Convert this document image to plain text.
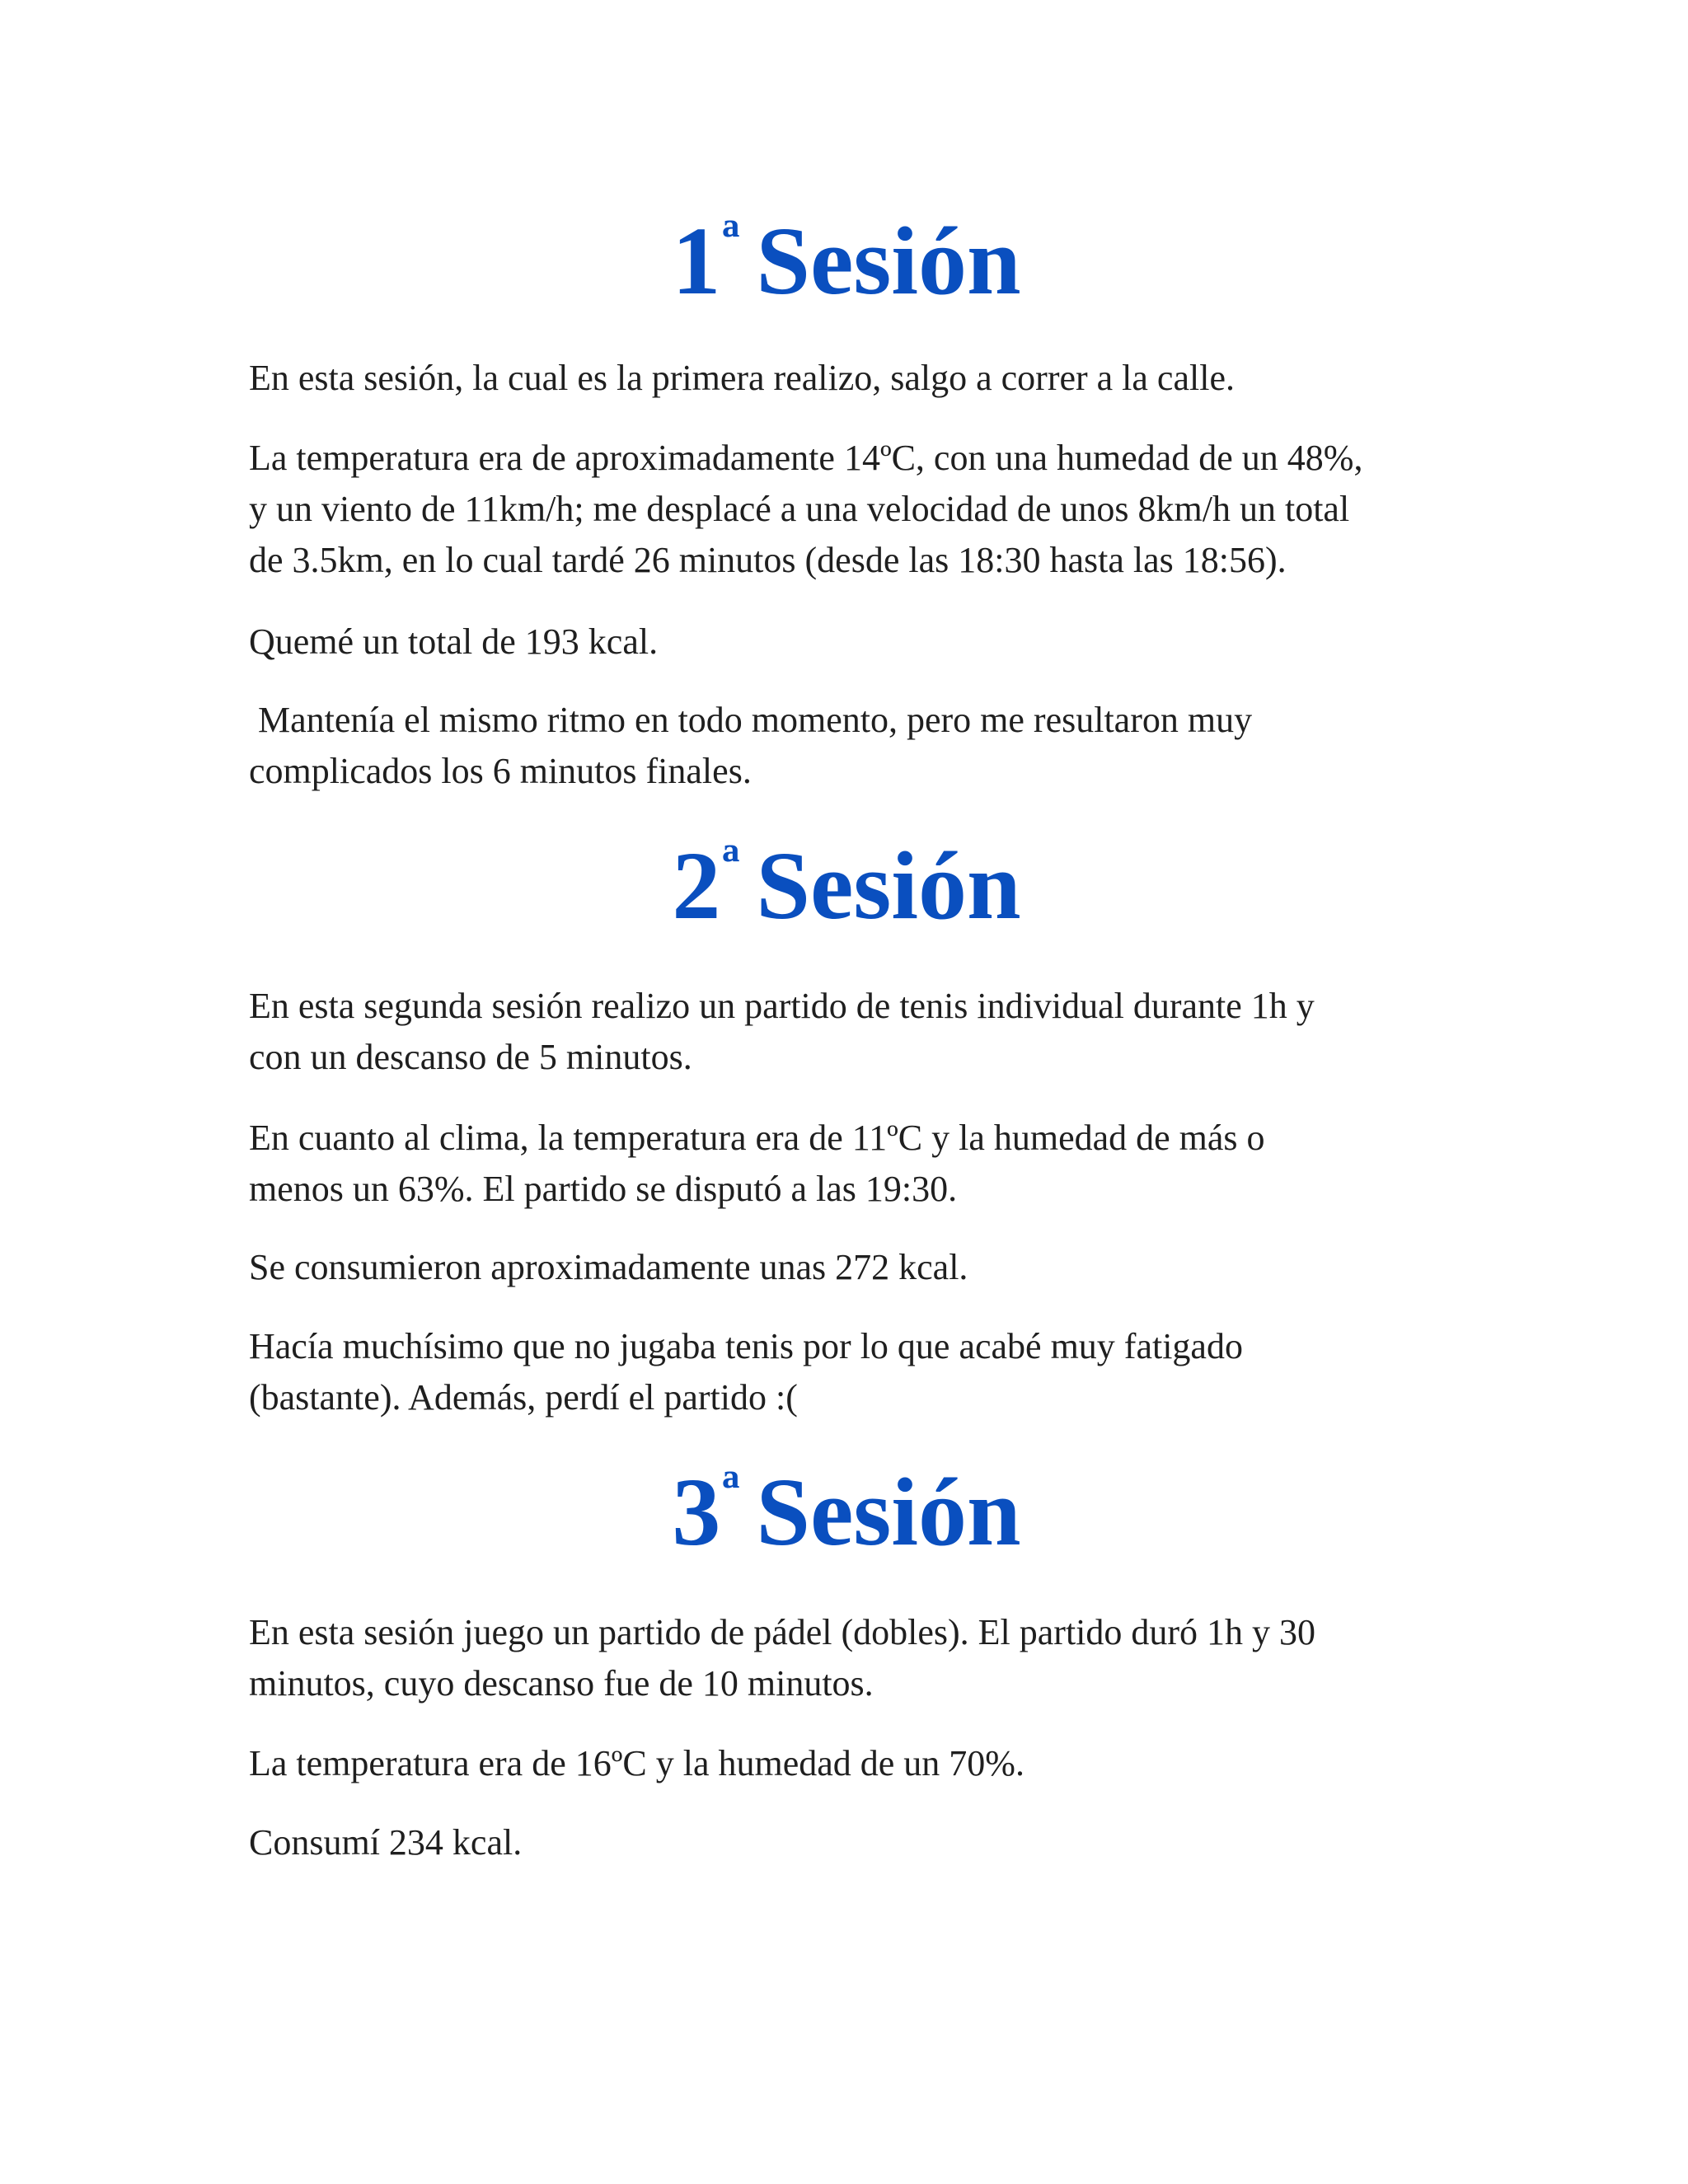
$1^ª$ Sesión

En esta sesión, la cual es la primera realizo, salgo a correr a la calle.

La temperatura era de aproximadamente 14ºC, con una humedad de un 48%,
y un viento de 11km/h; me desplacé a una velocidad de unos 8km/h un total
de 3.5km, en lo cual tardé 26 minutos (desde las 18:30 hasta las 18:56).

Quemé un total de 193 kcal.

Mantenía el mismo ritmo en todo momento, pero me resultaron muy
complicados los 6 minutos finales.

$2^ª$ Sesión

En esta segunda sesión realizo un partido de tenis individual durante 1h y
con un descanso de 5 minutos.

En cuanto al clima, la temperatura era de 11ºC y la humedad de más o
menos un 63%. El partido se disputó a las 19:30.

Se consumieron aproximadamente unas 272 kcal.

Hacía muchísimo que no jugaba tenis por lo que acabé muy fatigado
(bastante). Además, perdí el partido :(

$3^ª$ Sesión

En esta sesión juego un partido de pádel (dobles). El partido duró 1h y 30
minutos, cuyo descanso fue de 10 minutos.

La temperatura era de 16ºC y la humedad de un 70%.

Consumí 234 kcal.
